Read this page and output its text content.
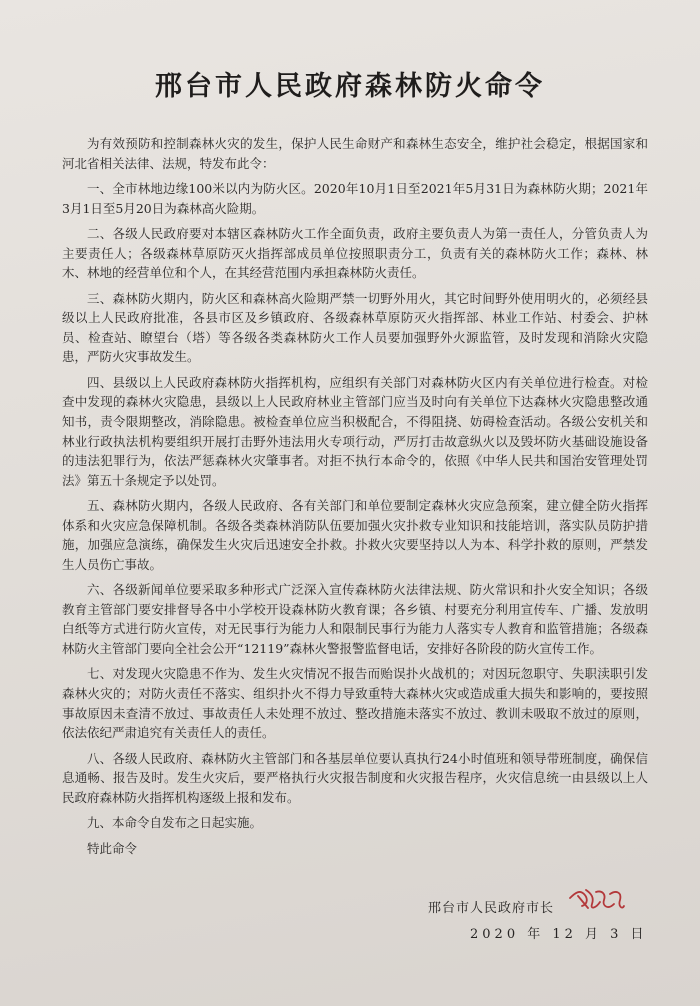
邢台市人民政府森林防火命令

为有效预防和控制森林火灾的发生，保护人民生命财产和森林生态安全，维护社会稳定，根据国家和河北省相关法律、法规，特发布此令：

一、全市林地边缘100米以内为防火区。2020年10月1日至2021年5月31日为森林防火期；2021年3月1日至5月20日为森林高火险期。

二、各级人民政府要对本辖区森林防火工作全面负责，政府主要负责人为第一责任人，分管负责人为主要责任人；各级森林草原防灭火指挥部成员单位按照职责分工，负责有关的森林防火工作；森林、林木、林地的经营单位和个人，在其经营范围内承担森林防火责任。

三、森林防火期内，防火区和森林高火险期严禁一切野外用火，其它时间野外使用明火的，必须经县级以上人民政府批准，各县市区及乡镇政府、各级森林草原防灭火指挥部、林业工作站、村委会、护林员、检查站、瞭望台（塔）等各级各类森林防火工作人员要加强野外火源监管，及时发现和消除火灾隐患，严防火灾事故发生。

四、县级以上人民政府森林防火指挥机构，应组织有关部门对森林防火区内有关单位进行检查。对检查中发现的森林火灾隐患，县级以上人民政府林业主管部门应当及时向有关单位下达森林火灾隐患整改通知书，责令限期整改，消除隐患。被检查单位应当积极配合，不得阻挠、妨碍检查活动。各级公安机关和林业行政执法机构要组织开展打击野外违法用火专项行动，严厉打击故意纵火以及毁坏防火基础设施设备的违法犯罪行为，依法严惩森林火灾肇事者。对拒不执行本命令的，依照《中华人民共和国治安管理处罚法》第五十条规定予以处罚。

五、森林防火期内，各级人民政府、各有关部门和单位要制定森林火灾应急预案，建立健全防火指挥体系和火灾应急保障机制。各级各类森林消防队伍要加强火灾扑救专业知识和技能培训，落实队员防护措施，加强应急演练，确保发生火灾后迅速安全扑救。扑救火灾要坚持以人为本、科学扑救的原则，严禁发生人员伤亡事故。

六、各级新闻单位要采取多种形式广泛深入宣传森林防火法律法规、防火常识和扑火安全知识；各级教育主管部门要安排督导各中小学校开设森林防火教育课；各乡镇、村要充分利用宣传车、广播、发放明白纸等方式进行防火宣传，对无民事行为能力人和限制民事行为能力人落实专人教育和监管措施；各级森林防火主管部门要向全社会公开“12119”森林火警报警监督电话，安排好各阶段的防火宣传工作。

七、对发现火灾隐患不作为、发生火灾情况不报告而贻误扑火战机的；对因玩忽职守、失职渎职引发森林火灾的；对防火责任不落实、组织扑火不得力导致重特大森林火灾或造成重大损失和影响的，要按照事故原因未查清不放过、事故责任人未处理不放过、整改措施未落实不放过、教训未吸取不放过的原则，依法依纪严肃追究有关责任人的责任。

八、各级人民政府、森林防火主管部门和各基层单位要认真执行24小时值班和领导带班制度，确保信息通畅、报告及时。发生火灾后，要严格执行火灾报告制度和火灾报告程序，火灾信息统一由县级以上人民政府森林防火指挥机构逐级上报和发布。

九、本命令自发布之日起实施。

特此命令

邢台市人民政府市长
2020 年 12 月 3 日
